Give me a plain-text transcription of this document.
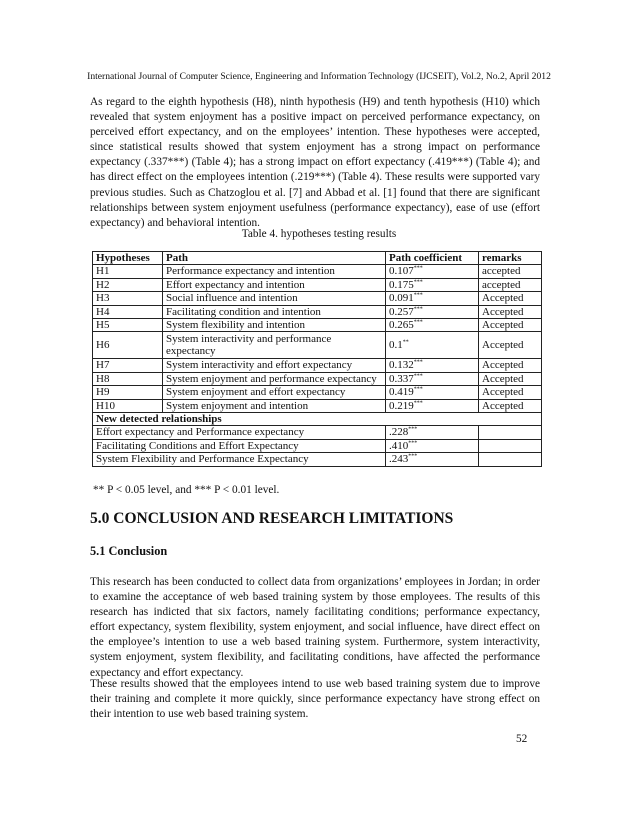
International Journal of Computer Science, Engineering and Information Technology (IJCSEIT), Vol.2, No.2, April 2012

As regard to the eighth hypothesis (H8), ninth hypothesis (H9) and tenth hypothesis (H10) which revealed that system enjoyment has a positive impact on perceived performance expectancy, on perceived effort expectancy, and on the employees’ intention. These hypotheses were accepted, since statistical results showed that system enjoyment has a strong impact on performance expectancy (.337***) (Table 4); has a strong impact on effort expectancy (.419***) (Table 4); and has direct effect on the employees intention (.219***) (Table 4). These results were supported vary previous studies. Such as Chatzoglou et al. [7] and Abbad et al. [1] found that there are significant relationships between system enjoyment usefulness (performance expectancy), ease of use (effort expectancy) and behavioral intention.

Table 4. hypotheses testing results
Hypotheses	Path	Path coefficient	remarks
H1	Performance expectancy and intention	0.107***	accepted
H2	Effort expectancy and intention	0.175***	accepted
H3	Social influence and intention	0.091***	Accepted
H4	Facilitating condition and intention	0.257***	Accepted
H5	System flexibility and intention	0.265***	Accepted
H6	System interactivity and performance expectancy	0.1**	Accepted
H7	System interactivity and effort expectancy	0.132***	Accepted
H8	System enjoyment and performance expectancy	0.337***	Accepted
H9	System enjoyment and effort expectancy	0.419***	Accepted
H10	System enjoyment and intention	0.219***	Accepted
New detected relationships			
Effort expectancy and Performance expectancy		.228***	
Facilitating Conditions and Effort Expectancy		.410***	
System Flexibility and Performance Expectancy		.243***	
** P < 0.05 level, and *** P < 0.01 level.
5.0 CONCLUSION AND RESEARCH LIMITATIONS
5.1 Conclusion

This research has been conducted to collect data from organizations’ employees in Jordan; in order to examine the acceptance of web based training system by those employees. The results of this research has indicted that six factors, namely facilitating conditions; performance expectancy, effort expectancy, system flexibility, system enjoyment, and social influence, have direct effect on the employee’s intention to use a web based training system. Furthermore, system interactivity, system enjoyment, system flexibility, and facilitating conditions, have affected the performance expectancy and effort expectancy.

These results showed that the employees intend to use web based training system due to improve their training and complete it more quickly, since performance expectancy have strong effect on their intention to use web based training system.

52
